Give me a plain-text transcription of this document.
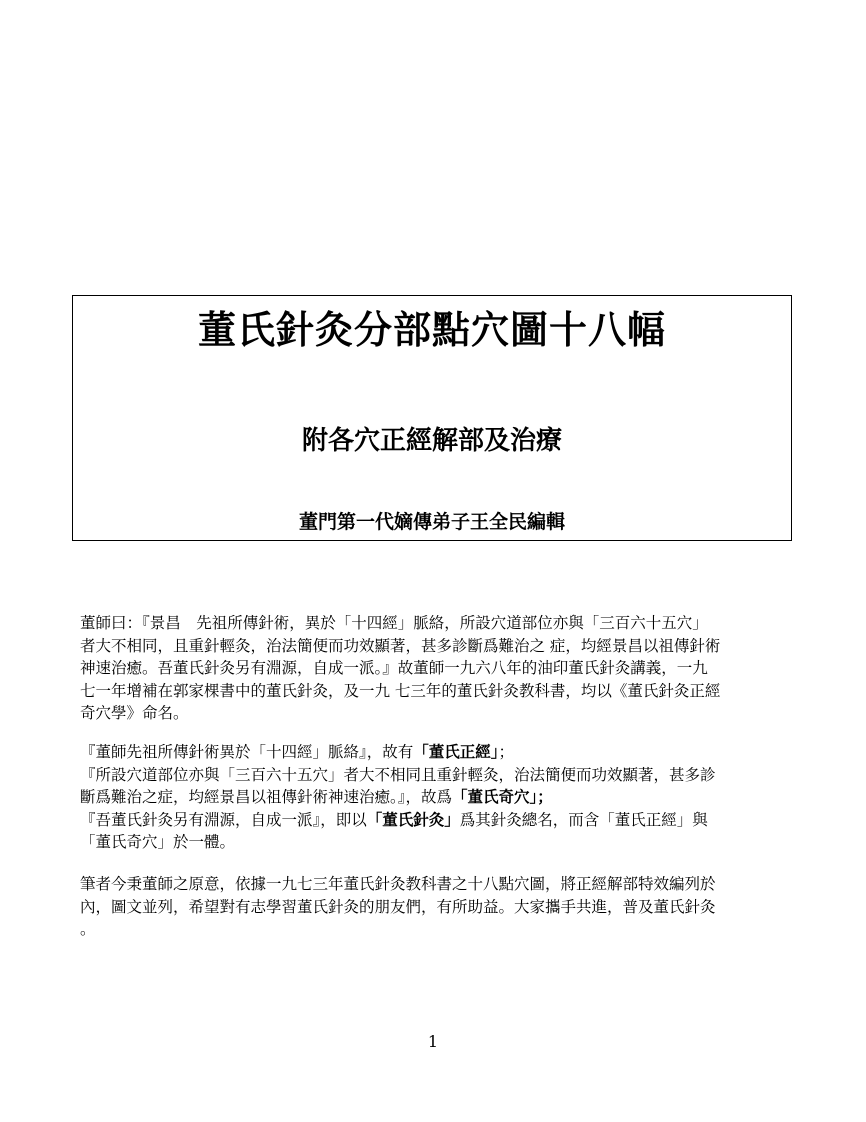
董氏針灸分部點穴圖十八幅
附各穴正經解部及治療
董門第一代嫡傳弟子王全民編輯

董師曰：『景昌　先祖所傳針術，異於「十四經」脈絡，所設穴道部位亦與「三百六十五穴」

者大不相同，且重針輕灸，治法簡便而功效顯著，甚多診斷爲難治之 症，均經景昌以祖傳針術

神速治癒。吾董氏針灸另有淵源，自成一派。』故董師一九六八年的油印董氏針灸講義，一九

七一年增補在郭家棵書中的董氏針灸，及一九 七三年的董氏針灸教科書，均以《董氏針灸正經

奇穴學》命名。

『董師先祖所傳針術異於「十四經」脈絡』，故有「董氏正經」；

『所設穴道部位亦與「三百六十五穴」者大不相同且重針輕灸，治法簡便而功效顯著，甚多診

斷爲難治之症，均經景昌以祖傳針術神速治癒。』，故爲「董氏奇穴」；

『吾董氏針灸另有淵源，自成一派』，即以「董氏針灸」爲其針灸總名，而含「董氏正經」與

「董氏奇穴」於一體。

筆者今秉董師之原意，依據一九七三年董氏針灸教科書之十八點穴圖，將正經解部特效編列於

內，圖文並列，希望對有志學習董氏針灸的朋友們，有所助益。大家攜手共進，普及董氏針灸

。

1
